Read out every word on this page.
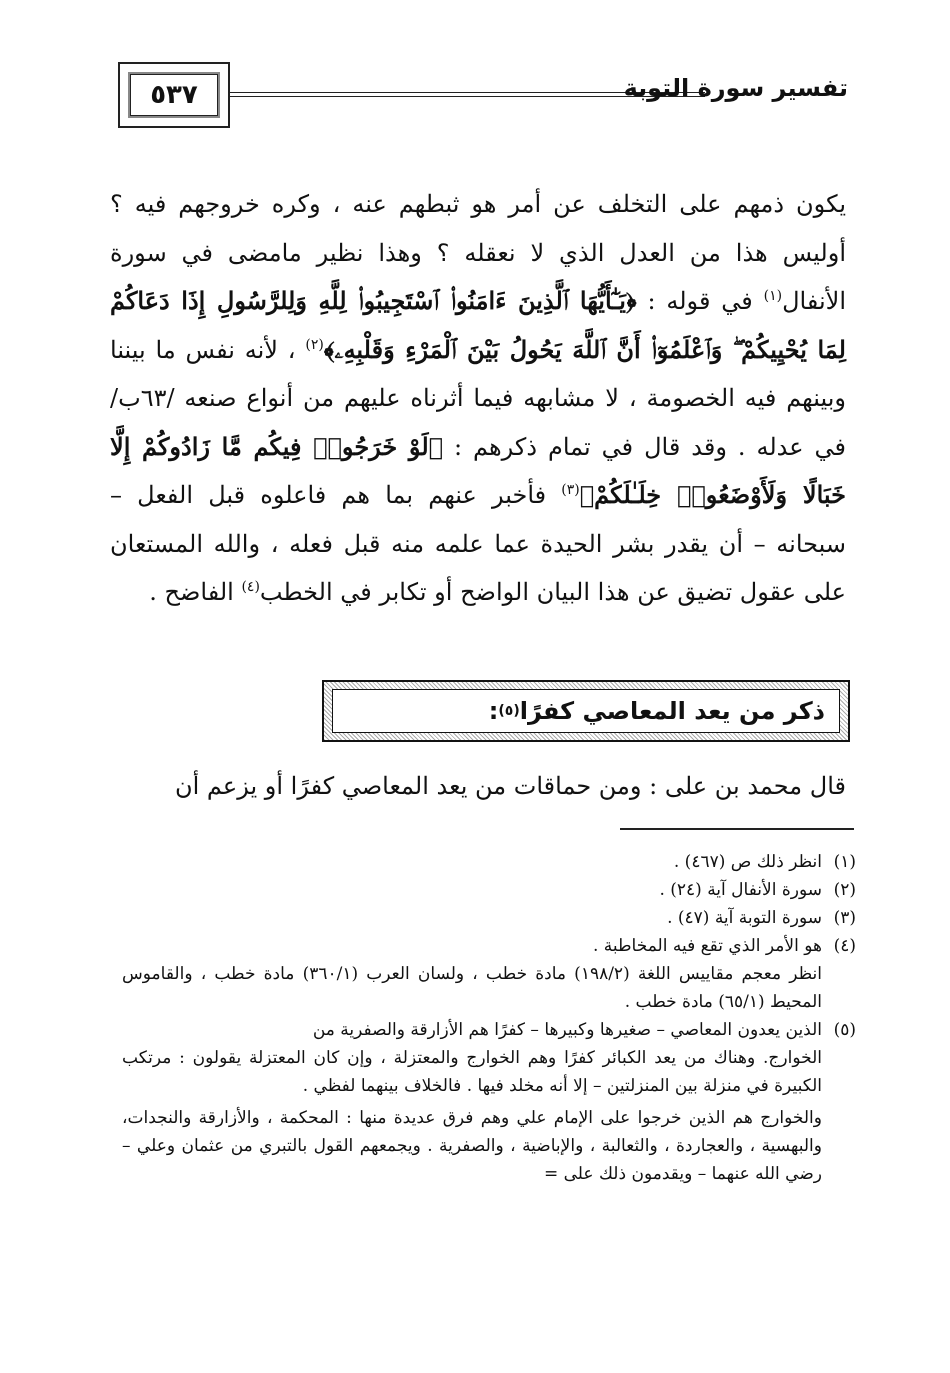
٥٣٧	تفسير سورة التوبة

يكون ذمهم على التخلف عن أمر هو ثبطهم عنه ، وكره خروجهم فيه ؟ أوليس هذا من العدل الذي لا نعقله ؟ وهذا نظير مامضى في سورة الأنفال$^{(١)}$ في قوله : ﴿يَـٰٓأَيُّهَا ٱلَّذِينَ ءَامَنُوا۟ ٱسْتَجِيبُوا۟ لِلَّهِ وَلِلرَّسُولِ إِذَا دَعَاكُمْ لِمَا يُحْيِيكُمْ ۖ وَٱعْلَمُوٓا۟ أَنَّ ٱللَّهَ يَحُولُ بَيْنَ ٱلْمَرْءِ وَقَلْبِهِۦ﴾$^{(٢)}$ ، لأنه نفس ما بيننا وبينهم فيه الخصومة ، لا مشابهه فيما أثرناه عليهم من أنواع صنعه /٦٣ب/ في عدله . وقد قال في تمام ذكرهم : ﴿لَوْ خَرَجُوا۟ فِيكُم مَّا زَادُوكُمْ إِلَّا خَبَالًا وَلَأَوْضَعُوا۟ خِلَـٰلَكُمْ﴾$^{(٣)}$ فأخبر عنهم بما هم فاعلوه قبل الفعل – سبحانه – أن يقدر بشر الحيدة عما علمه منه قبل فعله ، والله المستعان على عقول تضيق عن هذا البيان الواضح أو تكابر في الخطب$^{(٤)}$ الفاضح .

ذكر من يعد المعاصي كفرًا
(٥)
:
قال محمد بن على : ومن حماقات من يعد المعاصي كفرًا أو يزعم أن
(١)
انظر ذلك ص (٤٦٧) .
(٢)
سورة الأنفال آية (٢٤) .
(٣)
سورة التوبة آية (٤٧) .
(٤)
هو الأمر الذي تقع فيه المخاطبة .
انظر معجم مقاييس اللغة (١٩٨/٢) مادة خطب ، ولسان العرب (٣٦٠/١) مادة خطب ، والقاموس المحيط (٦٥/١) مادة خطب .
(٥)
الذين يعدون المعاصي – صغيرها وكبيرها – كفرًا هم الأزارقة والصفرية من
الخوارج. وهناك من يعد الكبائر كفرًا وهم الخوارج والمعتزلة ، وإن كان المعتزلة يقولون : مرتكب الكبيرة في منزلة بين المنزلتين – إلا أنه مخلد فيها . فالخلاف بينهما لفظي .
والخوارج هم الذين خرجوا على الإمام علي وهم فرق عديدة منها : المحكمة ، والأزارقة والنجدات، والبهسية ، والعجاردة ، والثعالبة ، والإباضية ، والصفرية . ويجمعهم القول بالتبري من عثمان وعلي – رضي الله عنهما – ويقدمون ذلك على =
